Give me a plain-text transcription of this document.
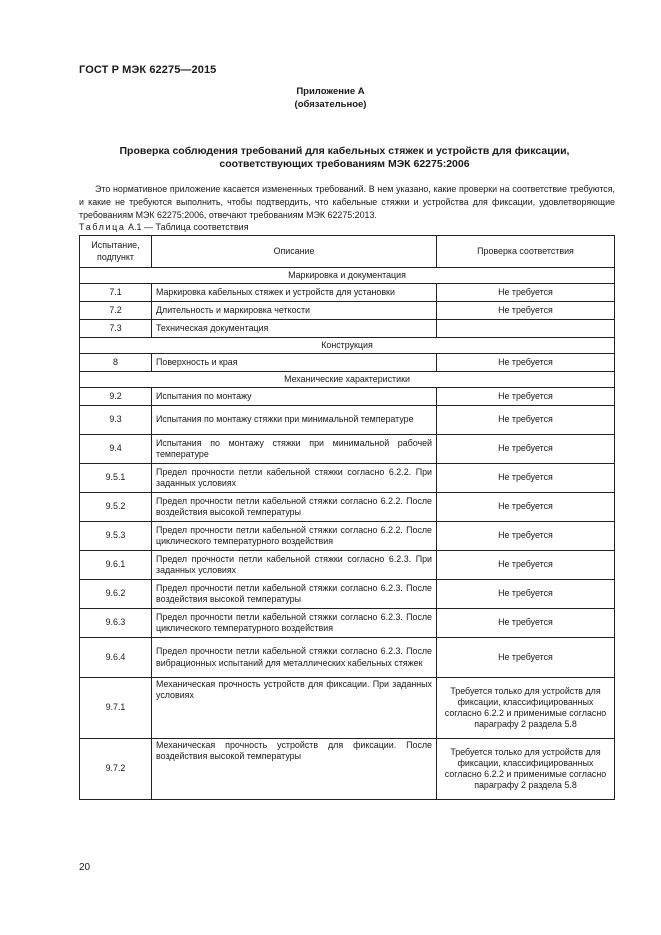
ГОСТ Р МЭК 62275—2015
Приложение А
(обязательное)
Проверка соблюдения требований для кабельных стяжек и устройств для фиксации,
соответствующих требованиям МЭК 62275:2006

Это нормативное приложение касается измененных требований. В нем указано, какие проверки на соответствие требуются, и какие не требуются выполнить, чтобы подтвердить, что кабельные стяжки и устройства для фиксации, удовлетворяющие требованиям МЭК 62275:2006, отвечают требованиям МЭК 62275:2013.

Таблица А.1 — Таблица соответствия
Испытание, подпункт	Описание	Проверка соответствия
Маркировка и документация		
7.1	Маркировка кабельных стяжек и устройств для установки	Не требуется
7.2	Длительность и маркировка четкости	Не требуется
7.3	Техническая документация	
Конструкция		
8	Поверхность и края	Не требуется
Механические характеристики		
9.2	Испытания по монтажу	Не требуется
9.3	Испытания по монтажу стяжки при минимальной температуре	Не требуется
9.4	Испытания по монтажу стяжки при минимальной рабочей температуре	Не требуется
9.5.1	Предел прочности петли кабельной стяжки согласно 6.2.2. При заданных условиях	Не требуется
9.5.2	Предел прочности петли кабельной стяжки согласно 6.2.2. После воздействия высокой температуры	Не требуется
9.5.3	Предел прочности петли кабельной стяжки согласно 6.2.2. После циклического температурного воздействия	Не требуется
9.6.1	Предел прочности петли кабельной стяжки согласно 6.2.3. При заданных условиях	Не требуется
9.6.2	Предел прочности петли кабельной стяжки согласно 6.2.3. После воздействия высокой температуры	Не требуется
9.6.3	Предел прочности петли кабельной стяжки согласно 6.2.3. После циклического температурного воздействия	Не требуется
9.6.4	Предел прочности петли кабельной стяжки согласно 6.2.3. После вибрационных испытаний для металлических кабельных стяжек	Не требуется
9.7.1	Механическая прочность устройств для фиксации. При заданных условиях	Требуется только для устройств для фиксации, классифицированных согласно 6.2.2 и применимые согласно параграфу 2 раздела 5.8
9.7.2	Механическая прочность устройств для фиксации. После воздействия высокой температуры	Требуется только для устройств для фиксации, классифицированных согласно 6.2.2 и применимые согласно параграфу 2 раздела 5.8
20
